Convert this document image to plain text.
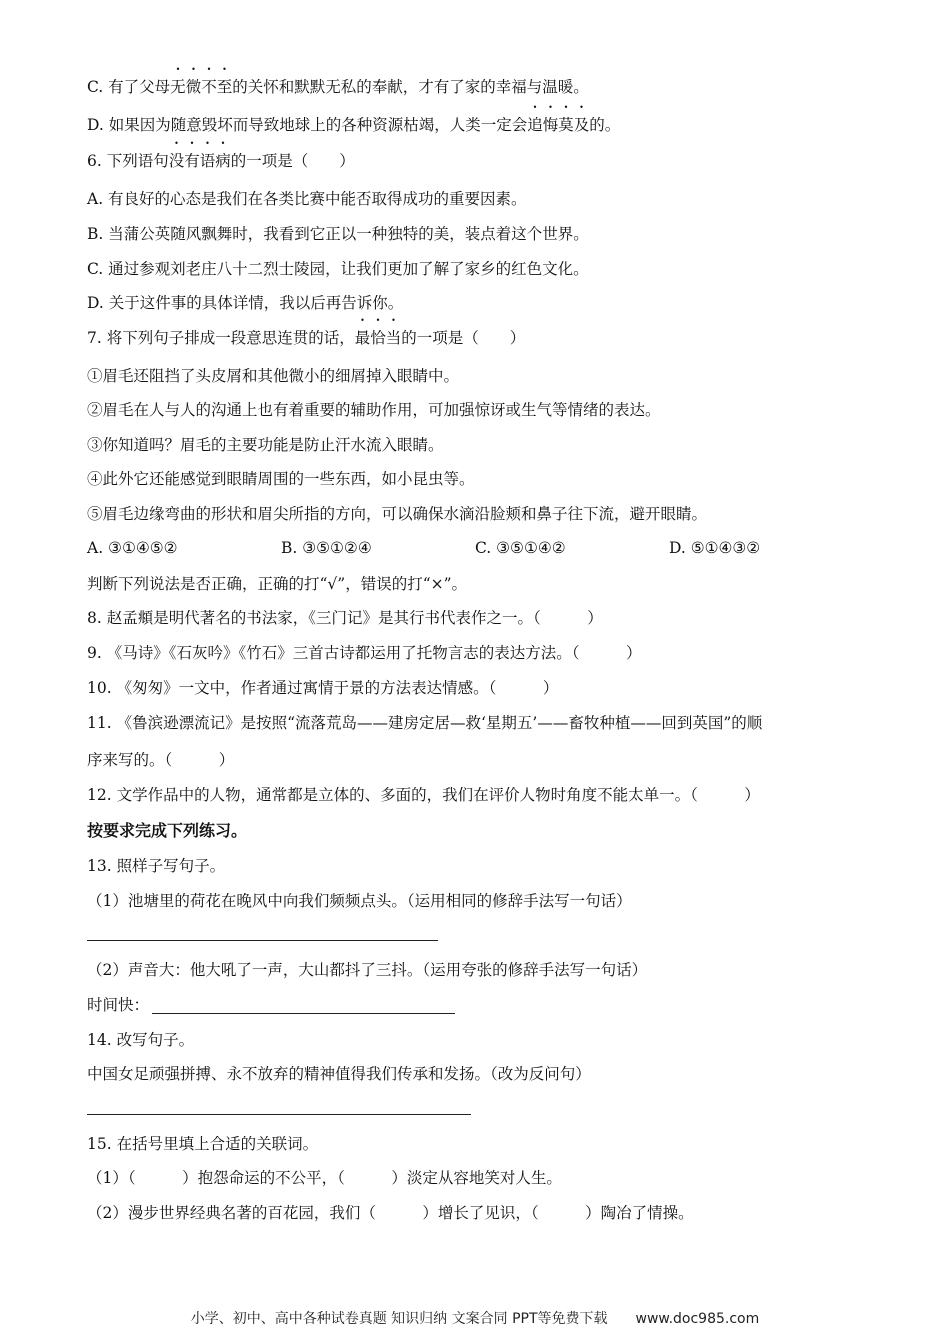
C. 有了父母无微不至的关怀和默默无私的奉献，才有了家的幸福与温暖。
D. 如果因为随意毁坏而导致地球上的各种资源枯竭，人类一定会追悔莫及的。
6. 下列语句没有语病的一项是（　　）
A. 有良好的心态是我们在各类比赛中能否取得成功的重要因素。
B. 当蒲公英随风飘舞时，我看到它正以一种独特的美，装点着这个世界。
C. 通过参观刘老庄八十二烈士陵园，让我们更加了解了家乡的红色文化。
D. 关于这件事的具体详情，我以后再告诉你。
7. 将下列句子排成一段意思连贯的话，最恰当的一项是（　　）
①眉毛还阻挡了头皮屑和其他微小的细屑掉入眼睛中。
②眉毛在人与人的沟通上也有着重要的辅助作用，可加强惊讶或生气等情绪的表达。
③你知道吗？眉毛的主要功能是防止汗水流入眼睛。
④此外它还能感觉到眼睛周围的一些东西，如小昆虫等。
⑤眉毛边缘弯曲的形状和眉尖所指的方向，可以确保水滴沿脸颊和鼻子往下流，避开眼睛。
A. ③①④⑤②	B. ③⑤①②④	C. ③⑤①④②	D. ⑤①④③②
判断下列说法是否正确，正确的打“√”，错误的打“×”。
8. 赵孟頫是明代著名的书法家，《三门记》是其行书代表作之一。（　　　）
9. 《马诗》《石灰吟》《竹石》三首古诗都运用了托物言志的表达方法。（　　　）
10. 《匆匆》一文中，作者通过寓情于景的方法表达情感。（　　　）
11. 《鲁滨逊漂流记》是按照“流落荒岛——建房定居—救‘星期五’——畜牧种植——回到英国”的顺
序来写的。（　　　）
12. 文学作品中的人物，通常都是立体的、多面的，我们在评价人物时角度不能太单一。（　　　）
按要求完成下列练习。
13. 照样子写句子。
（1）池塘里的荷花在晚风中向我们频频点头。（运用相同的修辞手法写一句话）
（2）声音大：他大吼了一声，大山都抖了三抖。（运用夸张的修辞手法写一句话）
时间快：
14. 改写句子。
中国女足顽强拼搏、永不放弃的精神值得我们传承和发扬。（改为反问句）
15. 在括号里填上合适的关联词。
（1）（　　　）抱怨命运的不公平，（　　　）淡定从容地笑对人生。
（2）漫步世界经典名著的百花园，我们（　　　）增长了见识，（　　　）陶冶了情操。
小学、初中、高中各种试卷真题 知识归纳 文案合同 PPT等免费下载　　www.doc985.com
